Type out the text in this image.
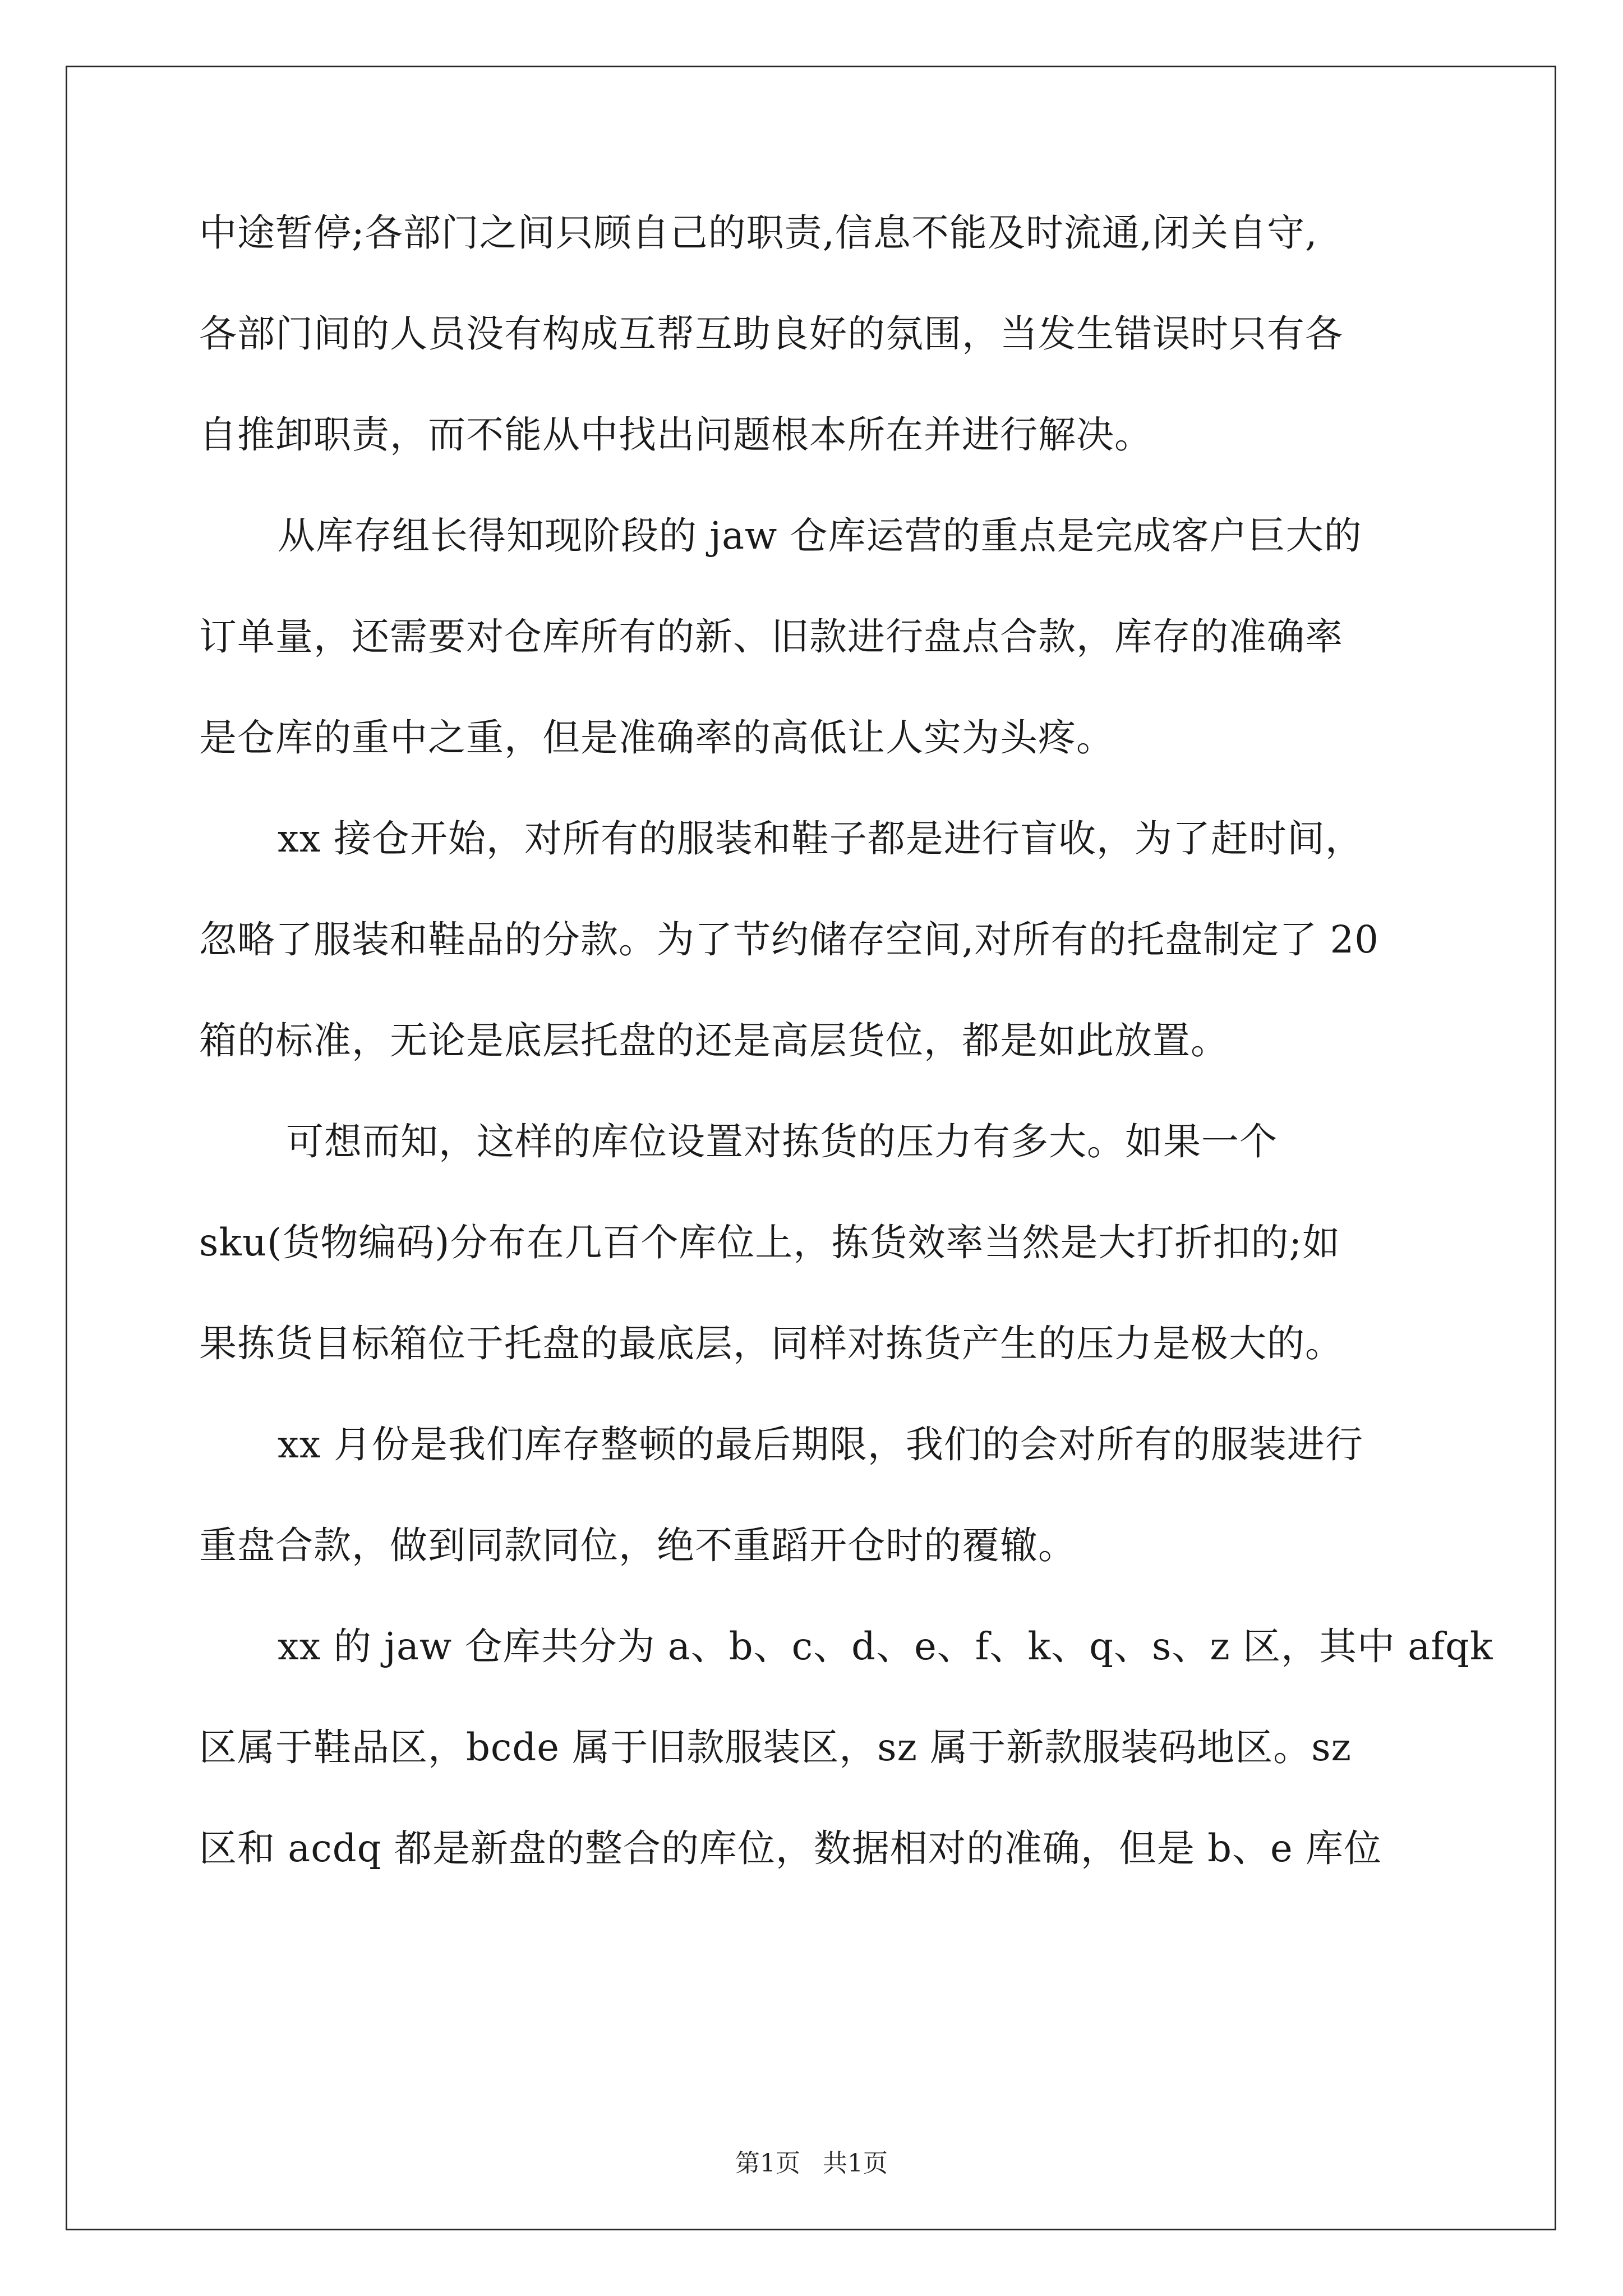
中途暂停;各部门之间只顾自己的职责,信息不能及时流通,闭关自守,
各部门间的人员没有构成互帮互助良好的氛围，当发生错误时只有各
自推卸职责，而不能从中找出问题根本所在并进行解决。
从库存组长得知现阶段的 jaw 仓库运营的重点是完成客户巨大的
订单量，还需要对仓库所有的新、旧款进行盘点合款，库存的准确率
是仓库的重中之重，但是准确率的高低让人实为头疼。
xx 接仓开始，对所有的服装和鞋子都是进行盲收，为了赶时间，
忽略了服装和鞋品的分款。为了节约储存空间,对所有的托盘制定了 20
箱的标准，无论是底层托盘的还是高层货位，都是如此放置。
可想而知，这样的库位设置对拣货的压力有多大。如果一个
sku(货物编码)分布在几百个库位上，拣货效率当然是大打折扣的;如
果拣货目标箱位于托盘的最底层，同样对拣货产生的压力是极大的。
xx 月份是我们库存整顿的最后期限，我们的会对所有的服装进行
重盘合款，做到同款同位，绝不重蹈开仓时的覆辙。
xx 的 jaw 仓库共分为 a、b、c、d、e、f、k、q、s、z 区，其中 afqk
区属于鞋品区，bcde 属于旧款服装区，sz 属于新款服装码地区。sz
区和 acdq 都是新盘的整合的库位，数据相对的准确，但是 b、e 库位
第1页 共1页
